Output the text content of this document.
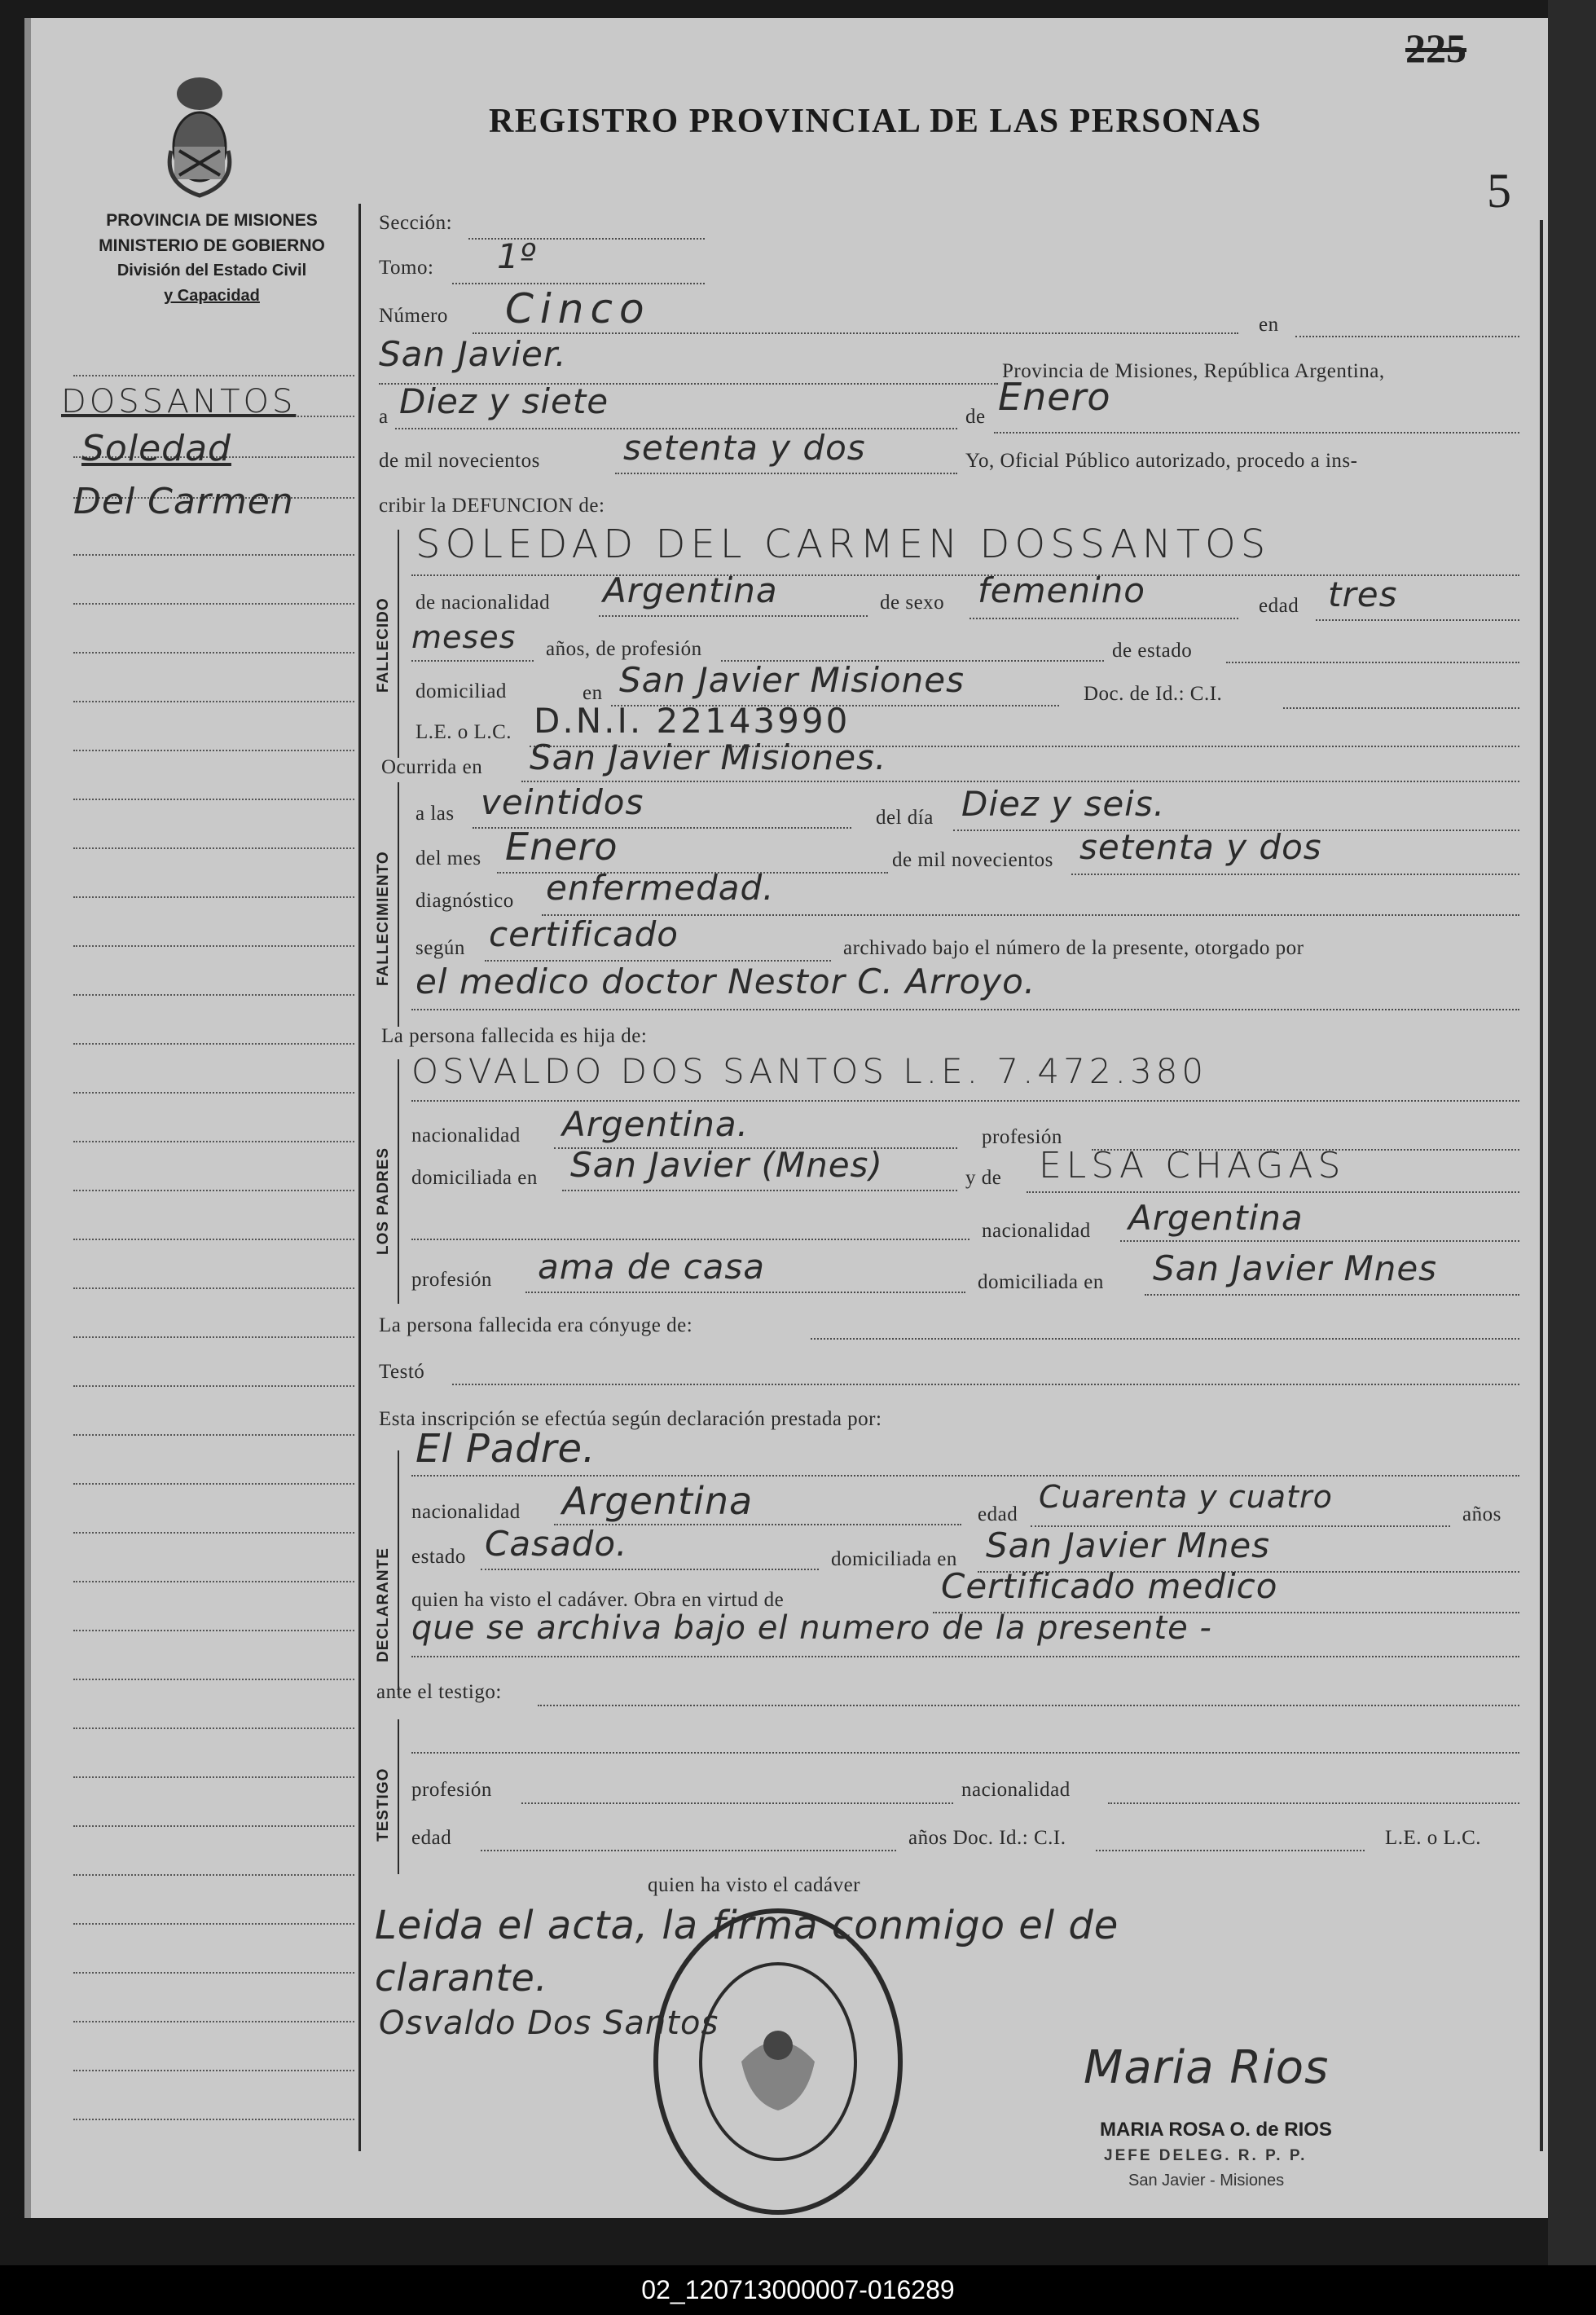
PROVINCIA DE MISIONES
MINISTERIO DE GOBIERNO
División del Estado Civil
y Capacidad
REGISTRO PROVINCIAL DE LAS PERSONAS
225
5
DOSSANTOS
Soledad
Del Carmen
Sección:
Tomo: 1º
Número Cinco	en
San Javier.	Provincia de Misiones, República Argentina,
a Diez y siete	de Enero
de mil novecientos setenta y dos	Yo, Oficial Público autorizado, procedo a ins-
cribir la DEFUNCION de:
FALLECIDO
SOLEDAD DEL CARMEN DOSSANTOS
de nacionalidad Argentina	de sexo femenino	edad tres
meses años, de profesión	de estado
domiciliad	en San Javier Misiones	Doc. de Id.: C.I.
L.E. o L.C. D.N.I. 22143990
Ocurrida en San Javier Misiones.
FALLECIMIENTO
a las veintidos	del día Diez y seis.
del mes Enero	de mil novecientos setenta y dos
diagnóstico enfermedad.
según certificado	archivado bajo el número de la presente, otorgado por
el medico doctor Nestor C. Arroyo.
La persona fallecida es hija de:
LOS PADRES
OSVALDO DOS SANTOS L.E. 7.472.380
nacionalidad Argentina.	profesión
domiciliada en San Javier (Mnes)	y de ELSA CHAGAS
nacionalidad Argentina
profesión ama de casa	domiciliada en San Javier Mnes
La persona fallecida era cónyuge de:
Testó
Esta inscripción se efectúa según declaración prestada por:
El Padre.
DECLARANTE
nacionalidad Argentina	edad Cuarenta y cuatro	años
estado Casado.	domiciliada en San Javier Mnes
quien ha visto el cadáver. Obra en virtud de	Certificado medico
que se archiva bajo el numero de la presente -
ante el testigo:
TESTIGO profesión	nacionalidad
edad	años Doc. Id.: C.I.	L.E. o L.C.
quien ha visto el cadáver
Leida el acta, la firma conmigo el de
clarante.
Osvaldo Dos Santos
Maria Rios
MARIA ROSA O. de RIOS
JEFE DELEG. R. P. P.
San Javier - Misiones
02_120713000007-016289
